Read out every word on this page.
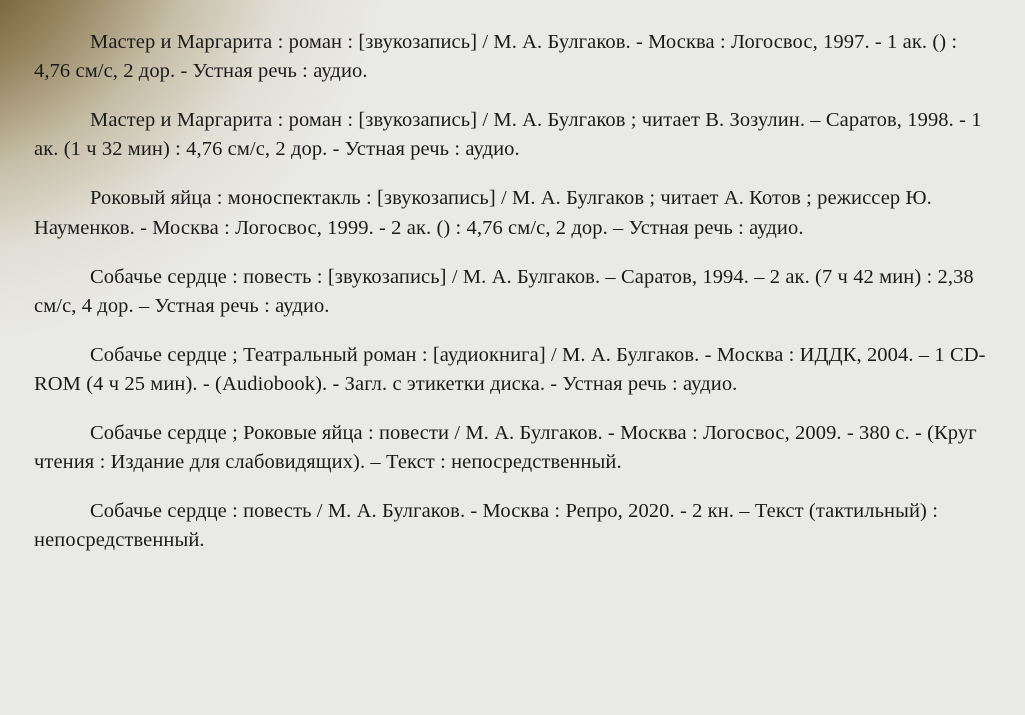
Мастер и Маргарита : роман : [звукозапись] / М. А. Булгаков. - Москва : Логосвос, 1997. - 1 ак. () : 4,76 см/с, 2 дор. - Устная речь : аудио.

Мастер и Маргарита : роман : [звукозапись] / М. А. Булгаков ; читает В. Зозулин. – Саратов, 1998. - 1 ак. (1 ч 32 мин) : 4,76 см/с, 2 дор. - Устная речь : аудио.

Роковый яйца : моноспектакль : [звукозапись] / М. А. Булгаков ; читает А. Котов ; режиссер Ю. Науменков. - Москва : Логосвос, 1999. - 2 ак. () : 4,76 см/с, 2 дор. – Устная речь : аудио.

Собачье сердце : повесть : [звукозапись] / М. А. Булгаков. – Саратов, 1994. – 2 ак. (7 ч 42 мин) : 2,38 см/с, 4 дор. – Устная речь : аудио.

Собачье сердце ; Театральный роман : [аудиокнига] / М. А. Булгаков. - Москва : ИДДК, 2004. – 1 CD-ROM (4 ч 25 мин). - (Audiobook). - Загл. с этикетки диска. - Устная речь : аудио.

Собачье сердце ; Роковые яйца : повести / М. А. Булгаков. - Москва : Логосвос, 2009. - 380 с. - (Круг чтения : Издание для слабовидящих). – Текст : непосредственный.

Собачье сердце : повесть / М. А. Булгаков. - Москва : Репро, 2020. - 2 кн. – Текст (тактильный) : непосредственный.
